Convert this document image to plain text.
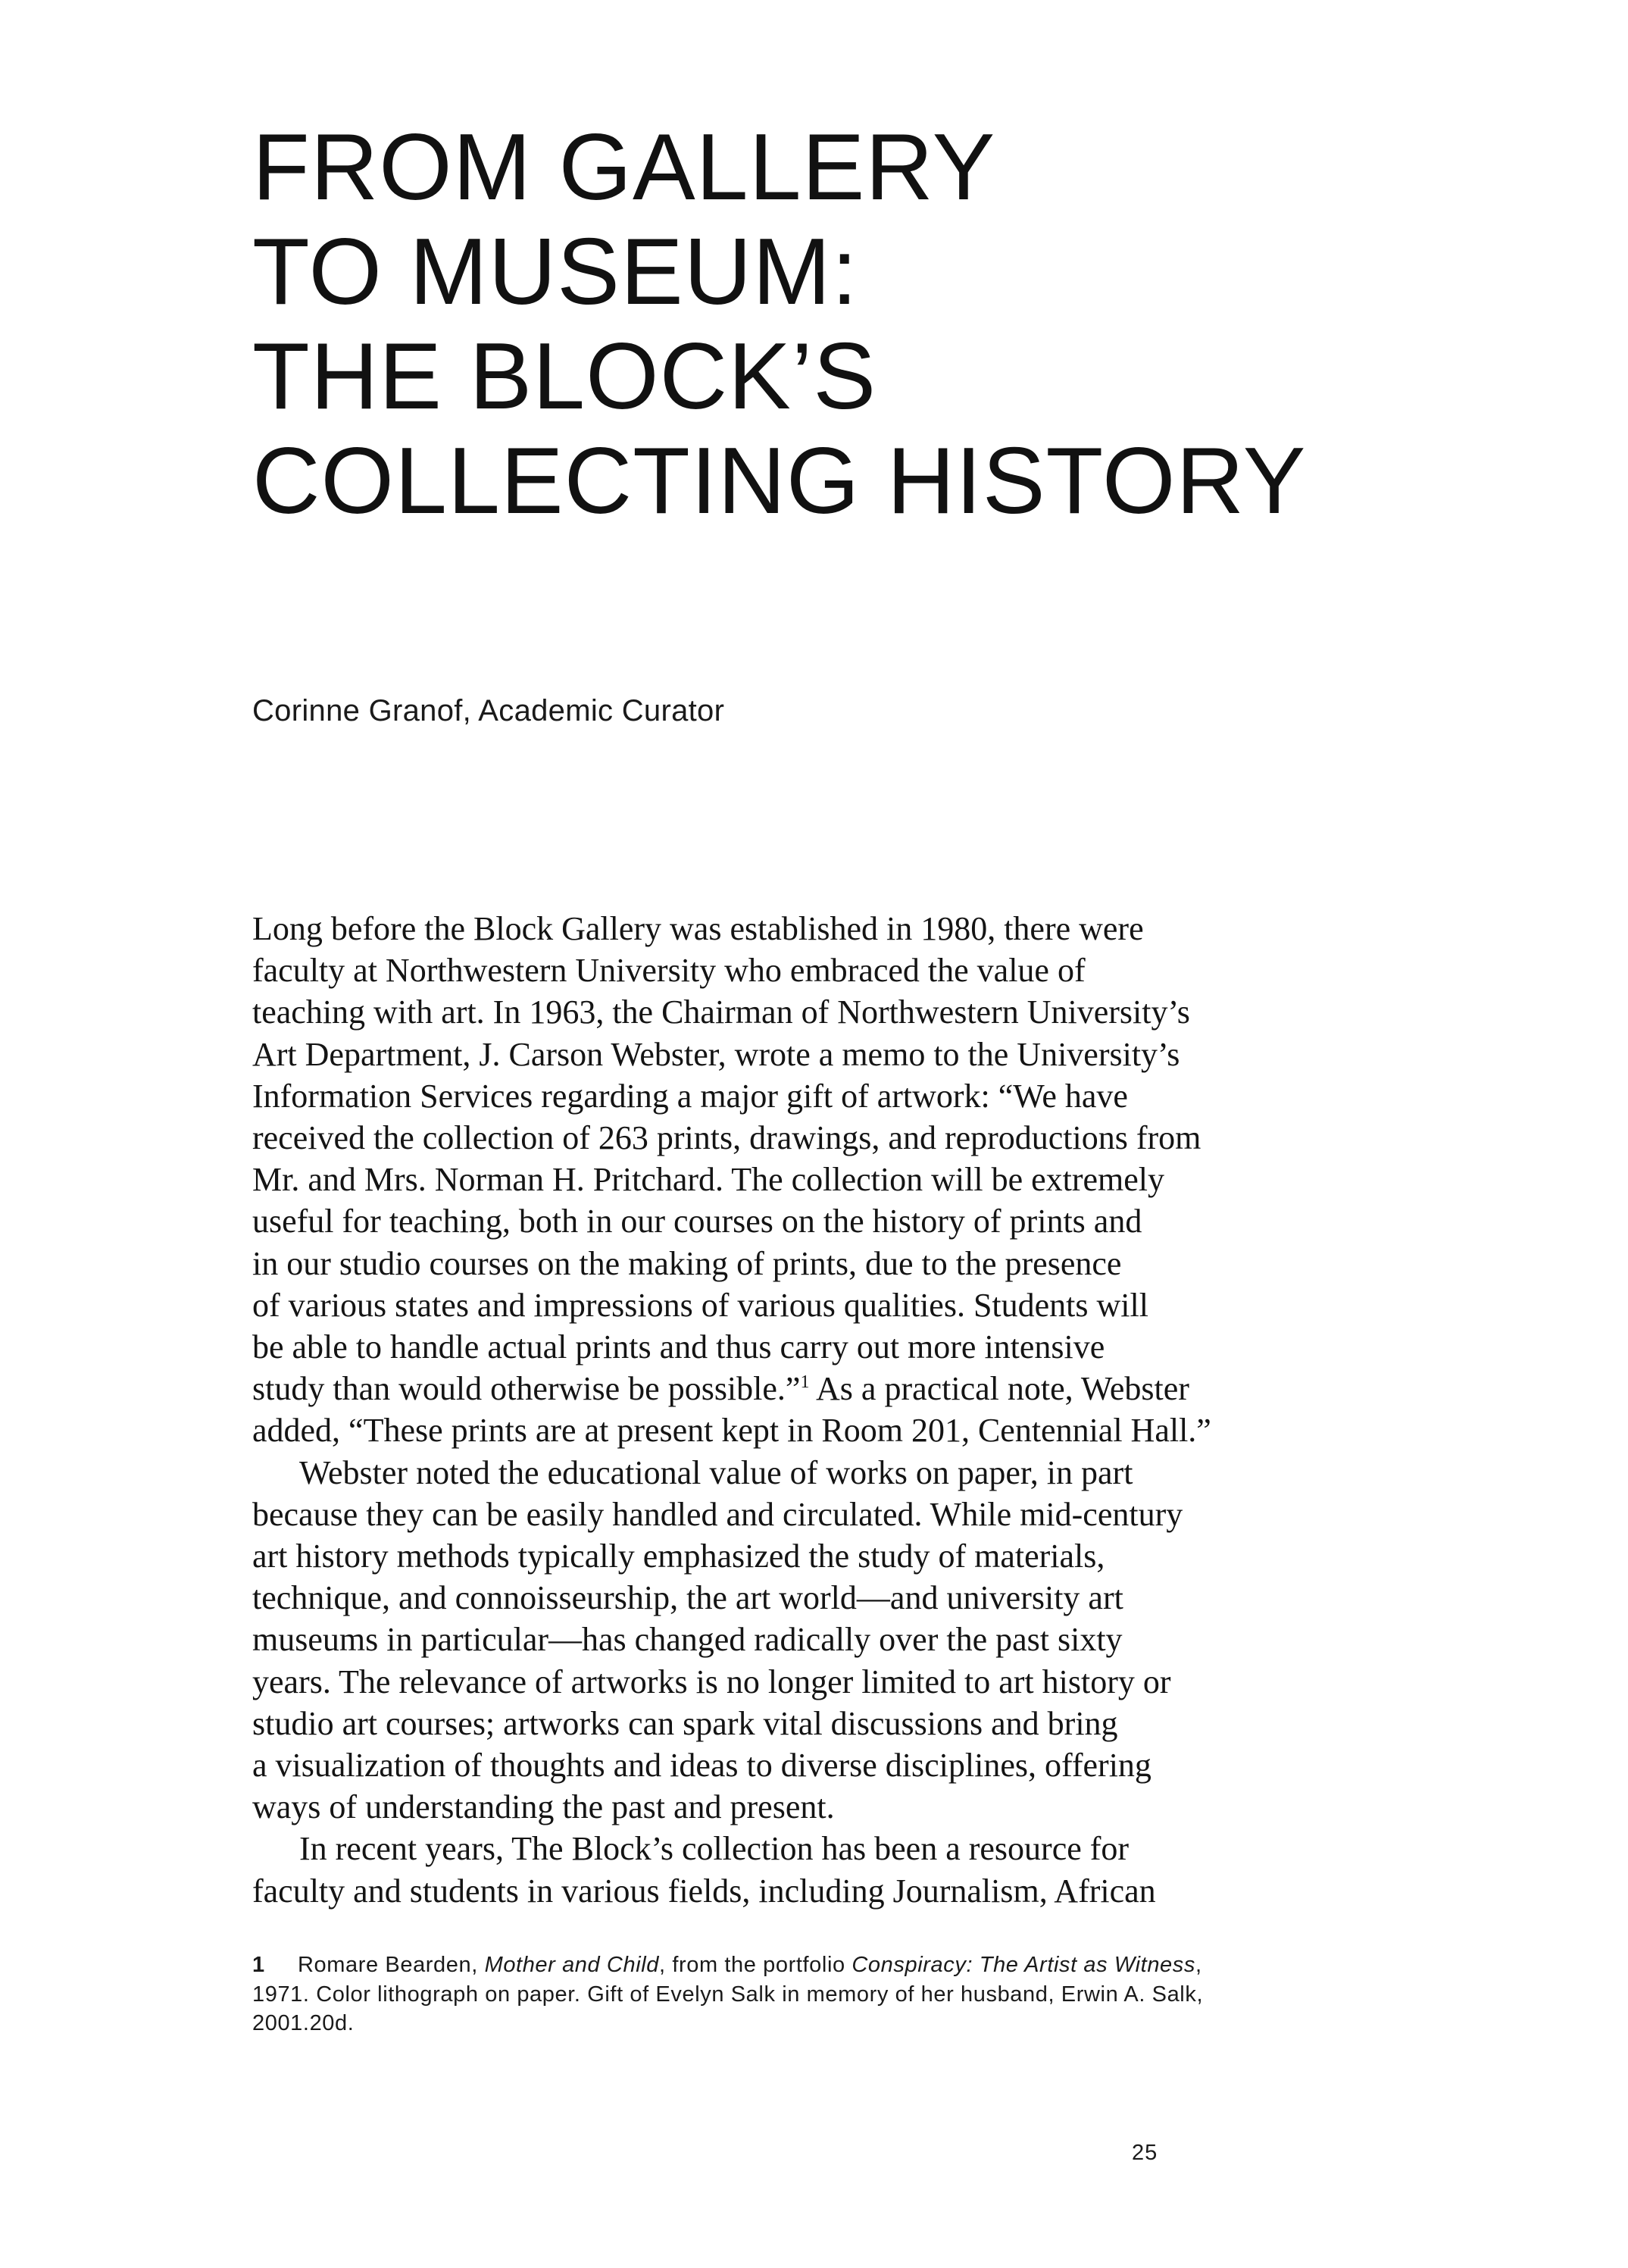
FROM GALLERY
TO MUSEUM:
THE BLOCK’S
COLLECTING HISTORY
Corinne Granof, Academic Curator
Long before the Block Gallery was established in 1980, there were
faculty at Northwestern University who embraced the value of
teaching with art. In 1963, the Chairman of Northwestern University’s
Art Department, J. Carson Webster, wrote a memo to the University’s
Information Services regarding a major gift of artwork: “We have
received the collection of 263 prints, drawings, and reproductions from
Mr. and Mrs. Norman H. Pritchard. The collection will be extremely
useful for teaching, both in our courses on the history of prints and
in our studio courses on the making of prints, due to the presence
of various states and impressions of various qualities. Students will
be able to handle actual prints and thus carry out more intensive
study than would otherwise be possible.”$^1$ As a practical note, Webster
added, “These prints are at present kept in Room 201, Centennial Hall.”
Webster noted the educational value of works on paper, in part
because they can be easily handled and circulated. While mid-century
art history methods typically emphasized the study of materials,
technique, and connoisseurship, the art world—and university art
museums in particular—has changed radically over the past sixty
years. The relevance of artworks is no longer limited to art history or
studio art courses; artworks can spark vital discussions and bring
a visualization of thoughts and ideas to diverse disciplines, offering
ways of understanding the past and present.
In recent years, The Block’s collection has been a resource for
faculty and students in various fields, including Journalism, African
1 Romare Bearden, Mother and Child, from the portfolio Conspiracy: The Artist as Witness,
1971. Color lithograph on paper. Gift of Evelyn Salk in memory of her husband, Erwin A. Salk,
2001.20d.
25
